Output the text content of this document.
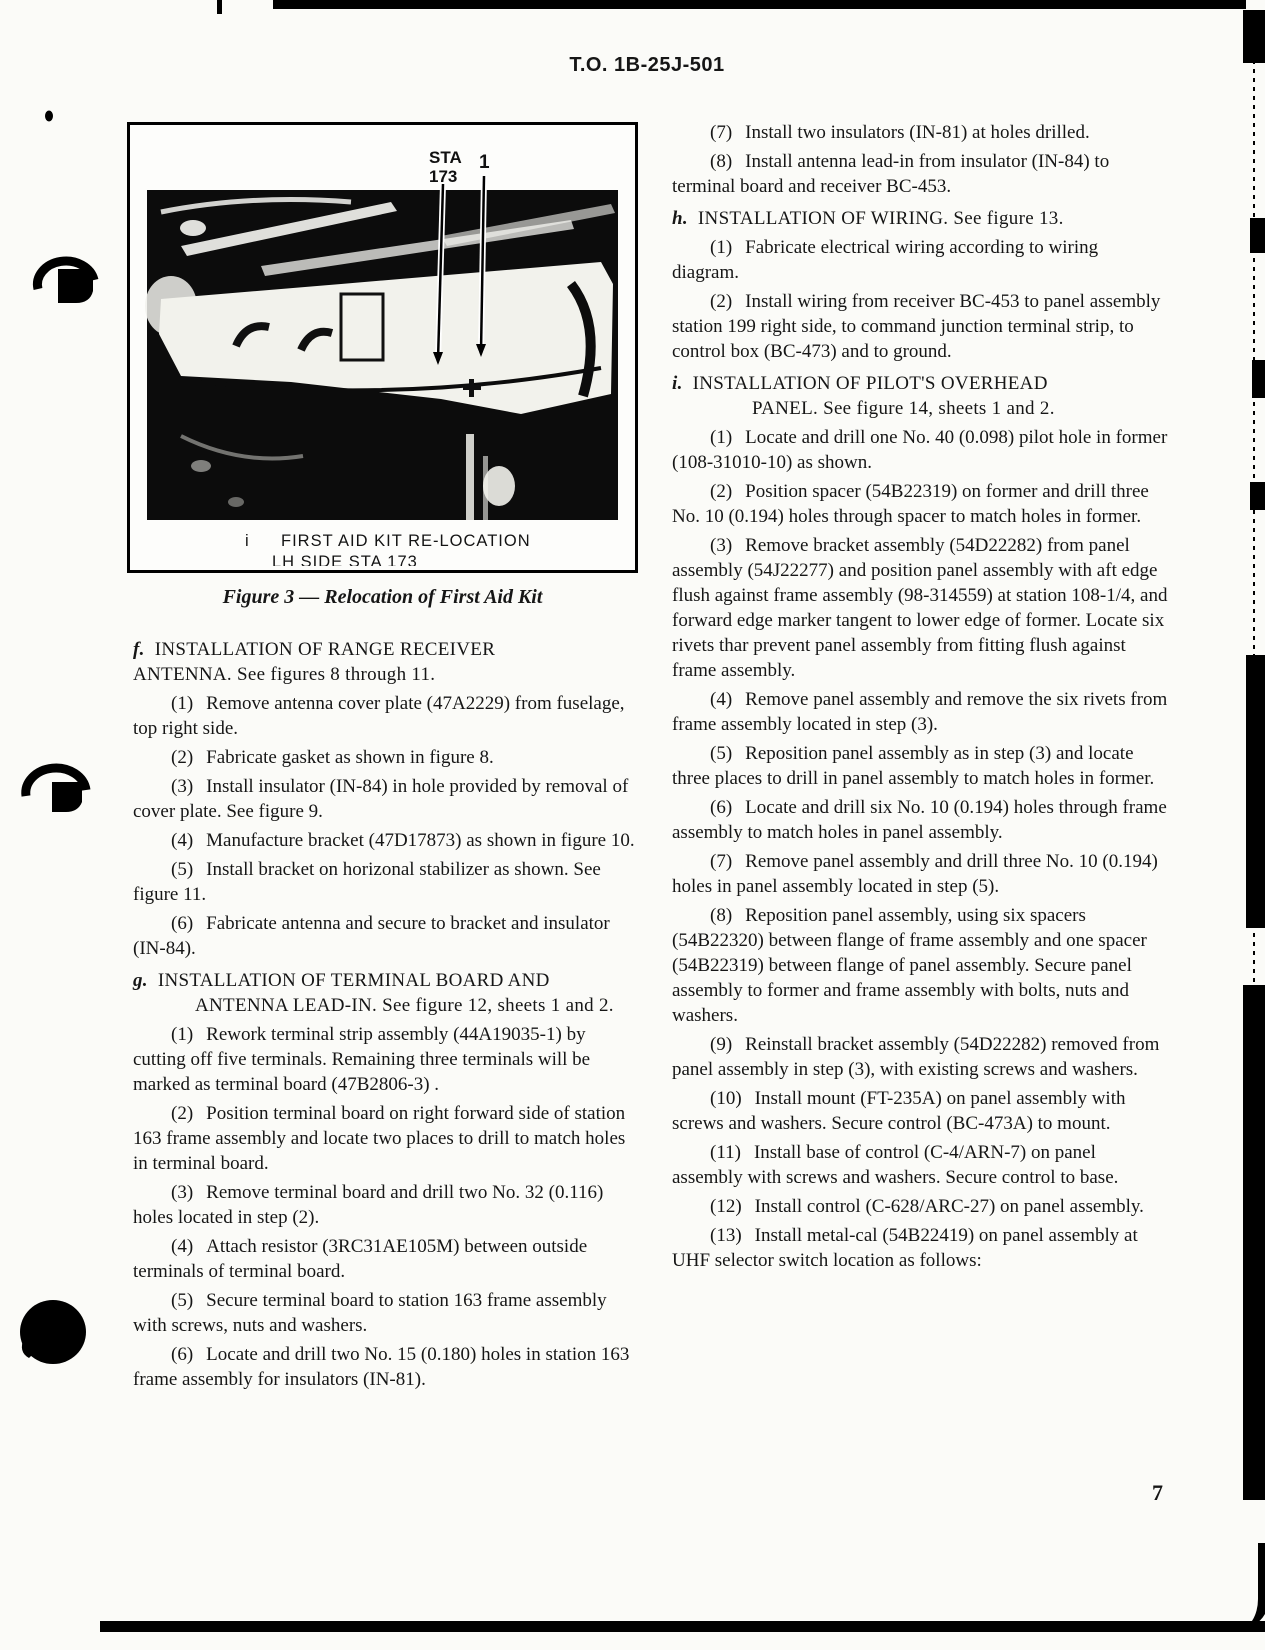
T.O. 1B-25J-501
STA
173
1
i FIRST AID KIT RE-LOCATION
LH SIDE STA 173
Figure 3 — Relocation of First Aid Kit

f. INSTALLATION OF RANGE RECEIVER
ANTENNA. See figures 8 through 11.

(1) Remove antenna cover plate (47A2229) from fuselage, top right side.

(2) Fabricate gasket as shown in figure 8.

(3) Install insulator (IN-84) in hole provided by removal of cover plate. See figure 9.

(4) Manufacture bracket (47D17873) as shown in figure 10.

(5) Install bracket on horizonal stabilizer as shown. See figure 11.

(6) Fabricate antenna and secure to bracket and insulator (IN-84).

g. INSTALLATION OF TERMINAL BOARD AND
ANTENNA LEAD-IN. See figure 12, sheets 1 and 2.

(1) Rework terminal strip assembly (44A19035-1) by cutting off five terminals. Remaining three terminals will be marked as terminal board (47B2806-3) .

(2) Position terminal board on right forward side of station 163 frame assembly and locate two places to drill to match holes in terminal board.

(3) Remove terminal board and drill two No. 32 (0.116) holes located in step (2).

(4) Attach resistor (3RC31AE105M) between outside terminals of terminal board.

(5) Secure terminal board to station 163 frame assembly with screws, nuts and washers.

(6) Locate and drill two No. 15 (0.180) holes in station 163 frame assembly for insulators (IN-81).

(7) Install two insulators (IN-81) at holes drilled.

(8) Install antenna lead-in from insulator (IN-84) to terminal board and receiver BC-453.

h. INSTALLATION OF WIRING. See figure 13.

(1) Fabricate electrical wiring according to wiring diagram.

(2) Install wiring from receiver BC-453 to panel assembly station 199 right side, to command junction terminal strip, to control box (BC-473) and to ground.

i. INSTALLATION OF PILOT'S OVERHEAD
PANEL. See figure 14, sheets 1 and 2.

(1) Locate and drill one No. 40 (0.098) pilot hole in former (108-31010-10) as shown.

(2) Position spacer (54B22319) on former and drill three No. 10 (0.194) holes through spacer to match holes in former.

(3) Remove bracket assembly (54D22282) from panel assembly (54J22277) and position panel assembly with aft edge flush against frame assembly (98-314559) at station 108-1/4, and forward edge marker tangent to lower edge of former. Locate six rivets thar prevent panel assembly from fitting flush against frame assembly.

(4) Remove panel assembly and remove the six rivets from frame assembly located in step (3).

(5) Reposition panel assembly as in step (3) and locate three places to drill in panel assembly to match holes in former.

(6) Locate and drill six No. 10 (0.194) holes through frame assembly to match holes in panel assembly.

(7) Remove panel assembly and drill three No. 10 (0.194) holes in panel assembly located in step (5).

(8) Reposition panel assembly, using six spacers (54B22320) between flange of frame assembly and one spacer (54B22319) between flange of panel assembly. Secure panel assembly to former and frame assembly with bolts, nuts and washers.

(9) Reinstall bracket assembly (54D22282) removed from panel assembly in step (3), with existing screws and washers.

(10) Install mount (FT-235A) on panel assembly with screws and washers. Secure control (BC-473A) to mount.

(11) Install base of control (C-4/ARN-7) on panel assembly with screws and washers. Secure control to base.

(12) Install control (C-628/ARC-27) on panel assembly.

(13) Install metal-cal (54B22419) on panel assembly at UHF selector switch location as follows:

7
